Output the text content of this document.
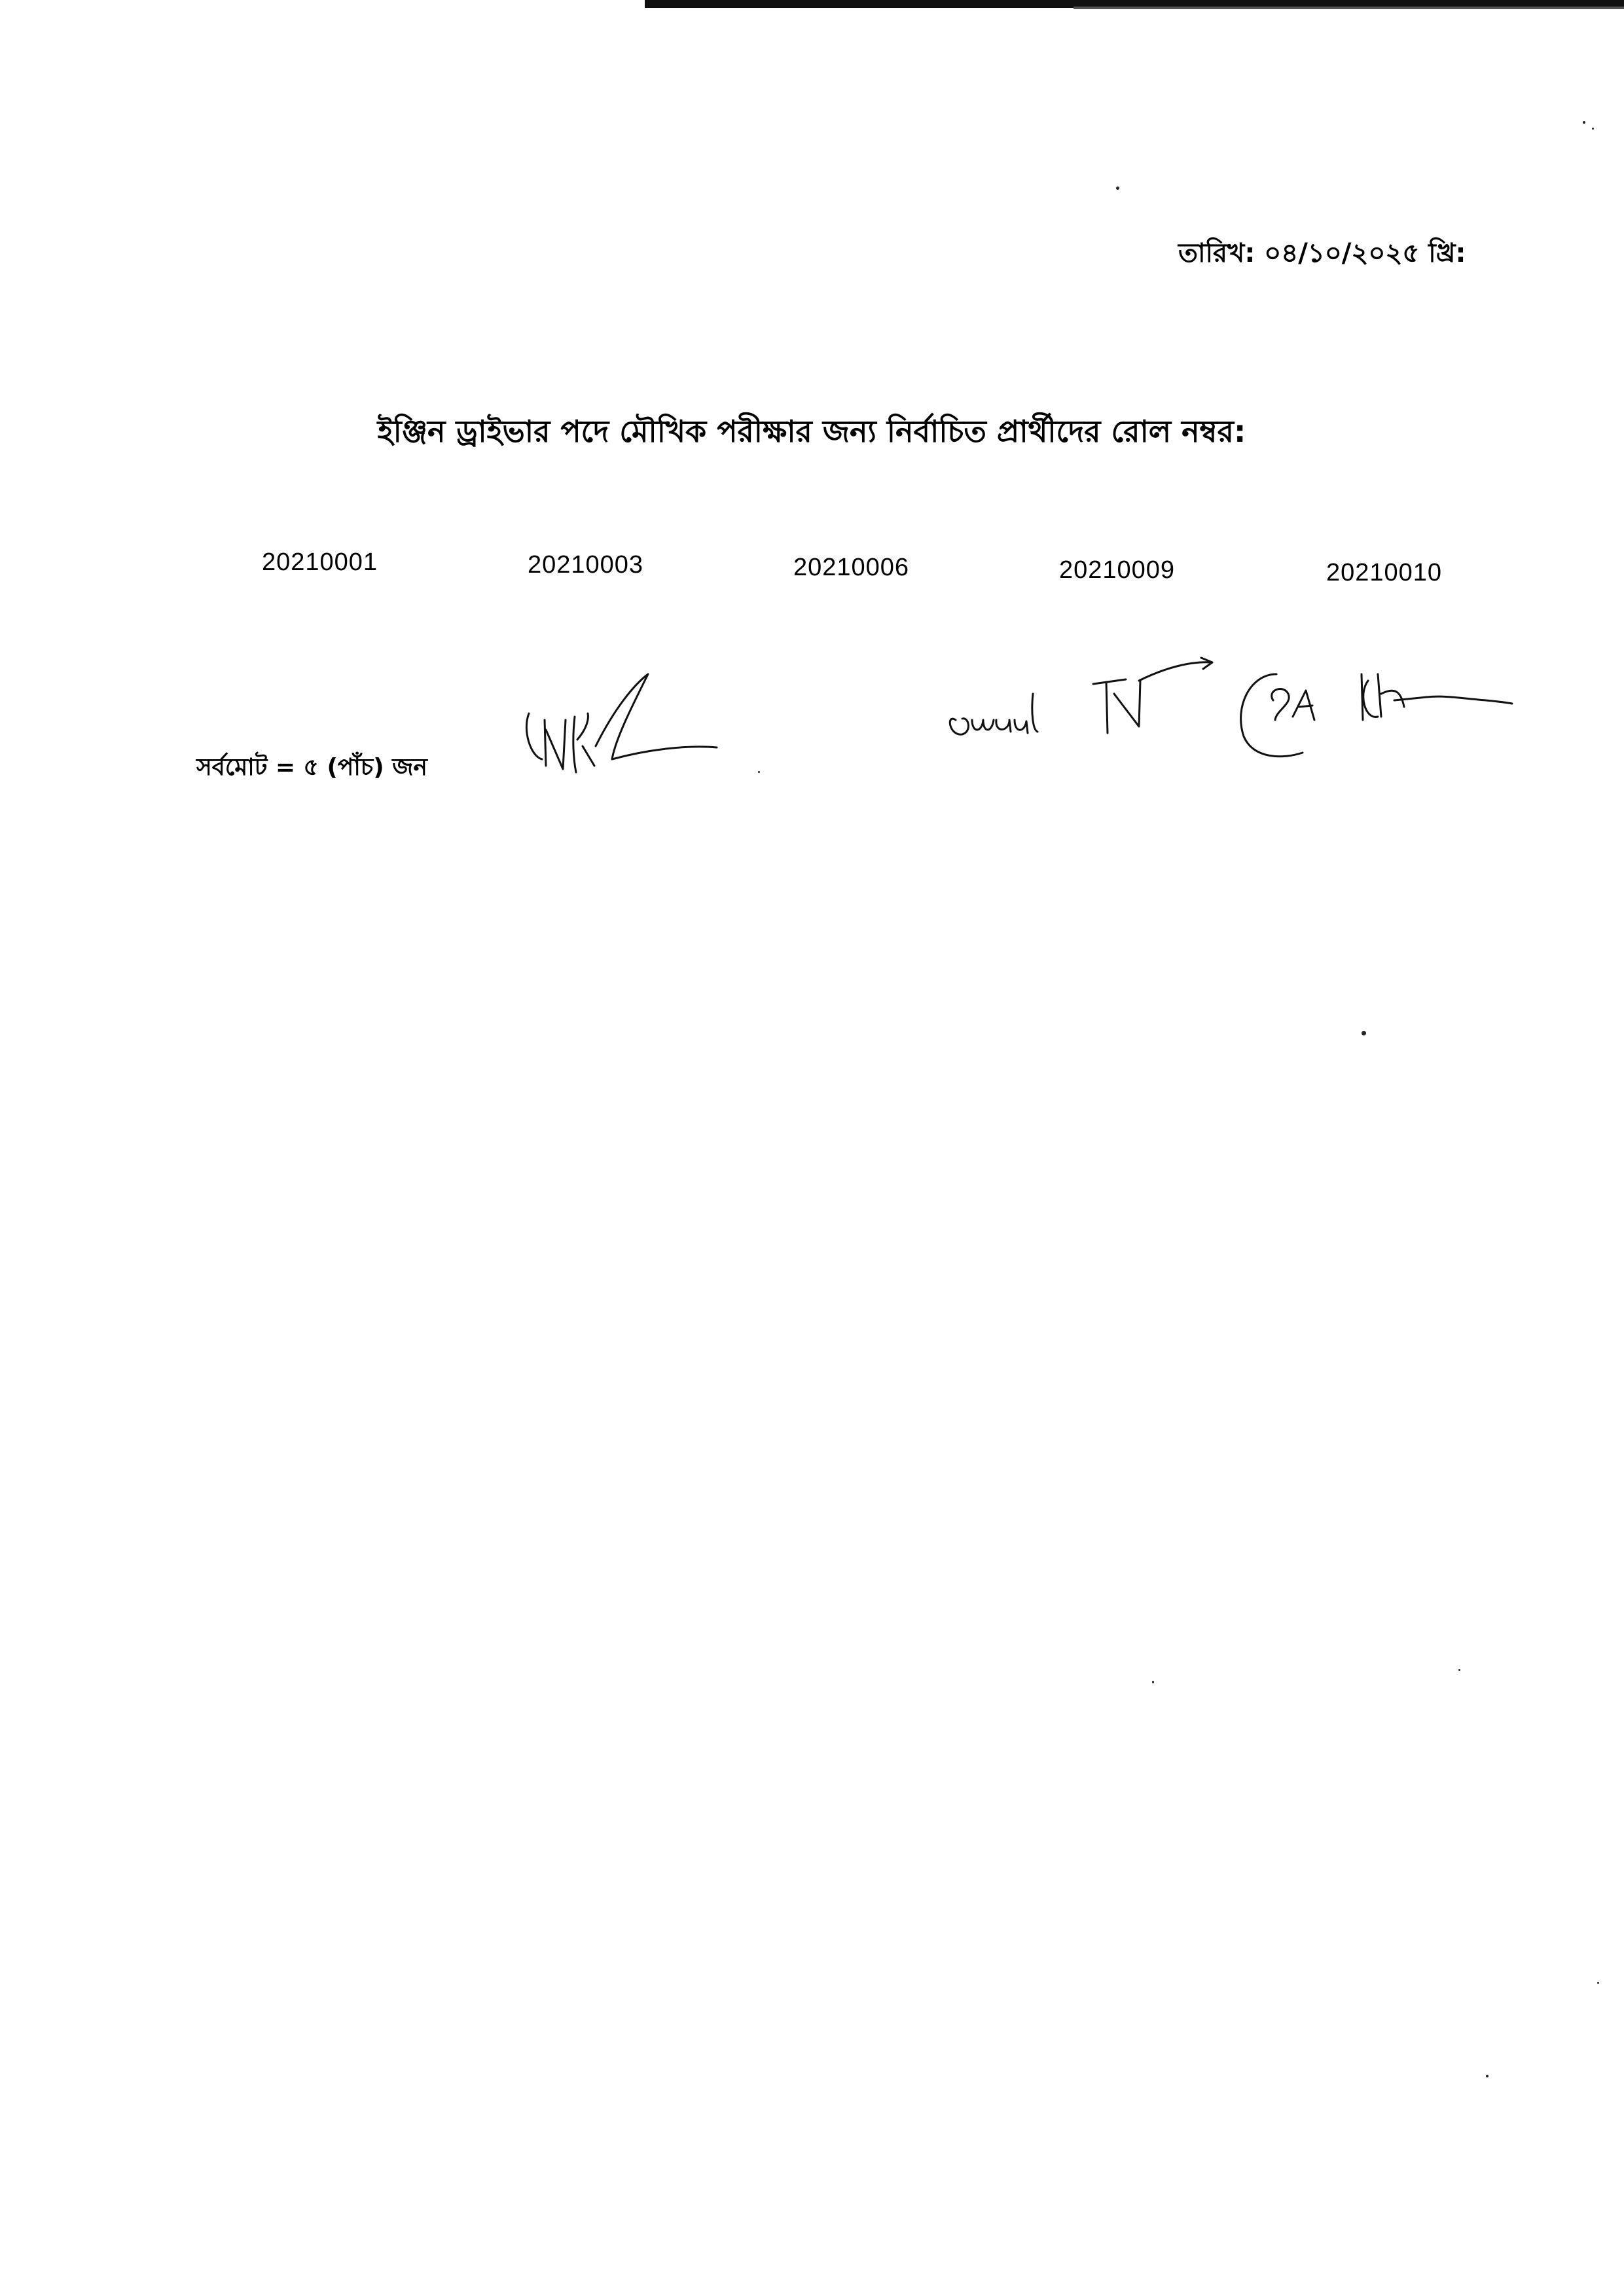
তারিখ: ০৪/১০/২০২৫ খ্রি:
ইঞ্জিন ড্রাইভার পদে মৌখিক পরীক্ষার জন্য নির্বাচিত প্রার্থীদের রোল নম্বর:
20210001	20210003	20210006	20210009	20210010
সর্বমোট = ৫ (পাঁচ) জন
